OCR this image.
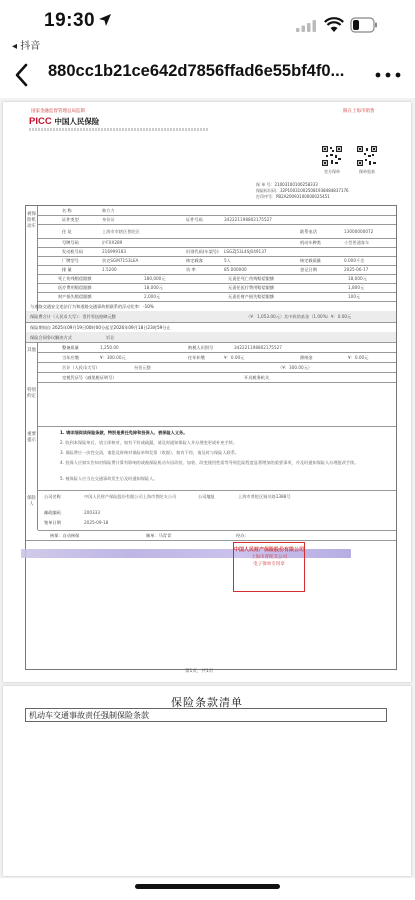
19:30
◂ 抖音
880cc1b21ce642d7856ffad6e55bf4f0...
国家金融监督管理总局监制	限在上海市销售
PICC 中国人民保险
官方保单	保单验真
保 单 号：21003100100258333
保险标识码：32P100310025081938484837176
打印序号：PB2A20093100000025451
被保险机动车
名 称	韩方力
证件类型	身份证	证件号码	342221198802175527
住 址	上海市市辖区普陀区	联系电话	13000000072
号牌号码	沪FXX289	机动车种类	小型普通客车
发动机号码	216999183	识别代码(车架号) LSGZJ53L4SJ049137
厂牌型号	别克SGM7153LEA	核定载客	5人	核定载质量	0.000千克
排 量	1.5200	功 率	85.000000	登记日期	2025-06-17
死亡伤残赔偿限额	180,000元	无责任死亡伤残赔偿限额	18,000元
医疗费用赔偿限额	18,000元	无责任医疗费用赔偿限额	1,800元
财产损失赔偿限额	2,000元	无责任财产损失赔偿限额	100元
与道路交通安全违法行为和道路交通事故相联系的浮动比率：-10%
保险费合计（人民币大写）：壹仟零伍拾肆元整	（¥：1,053.00元）其中救助基金（1.00%）¥：0.00元
保险期间自 2025年09月19日00时00分起至2026年09月18日23时59分止
保险合同争议解决方式	诉讼
其他
整备质量	1,250.00	纳税人识别号	342221198802175527
当年应缴	¥：300.00元	往年补缴	¥：0.00元	滞纳金	¥：0.00元
合计（人民币大写）	叁佰元整	（¥：300.00元）
完税凭证号（减免税证明号）	开具税务机关
特别约定
重要提示
1. 请详细阅读保险条款，特别是责任免除和投保人、被保险人义务。
2. 收到本保险单后，请立即核对，如有不符或疏漏，请及时通知保险人并办理变更或补充手续。
3. 保险费应一次性交清，请您及时核对保险单和发票（收据），如有不符，请及时与保险人联系。
4. 投保人应如实告知对保险费计算有影响的或被保险机动车因改装、加装、改变使用性质等导致危险程度显著增加的重要事项，并及时通知保险人办理批改手续。
5. 被保险人应当在交通事故发生后及时通知保险人。
保险人
公司名称	中国人民财产保险股份有限公司上海市普陀支公司	公司地址	上海市普陀区铜川路1388号
邮政编码	200333
签单日期	2025-09-18
核保：自动核保	制单：马青青	经办：
中国人民财产保险股份有限公司
上海市普陀支公司
电子保单专用章
第1页，共1页
保险条款清单
机动车交通事故责任强制保险条款
